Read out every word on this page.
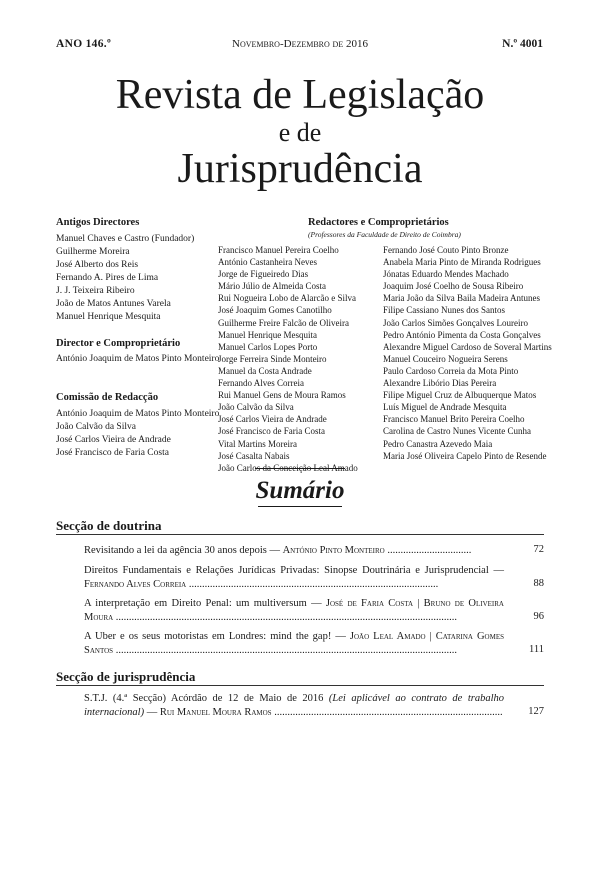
ANO 146.º	Novembro-Dezembro de 2016	N.º 4001
Revista de Legislação
e de
Jurisprudência
Antigos Directores
Manuel Chaves e Castro (Fundador)
Guilherme Moreira
José Alberto dos Reis
Fernando A. Pires de Lima
J. J. Teixeira Ribeiro
João de Matos Antunes Varela
Manuel Henrique Mesquita
Director e Comproprietário
António Joaquim de Matos Pinto Monteiro
Comissão de Redacção
António Joaquim de Matos Pinto Monteiro
João Calvão da Silva
José Carlos Vieira de Andrade
José Francisco de Faria Costa
Redactores e Comproprietários
(Professores da Faculdade de Direito de Coimbra)
Francisco Manuel Pereira Coelho
António Castanheira Neves
Jorge de Figueiredo Dias
Mário Júlio de Almeida Costa
Rui Nogueira Lobo de Alarcão e Silva
José Joaquim Gomes Canotilho
Guilherme Freire Falcão de Oliveira
Manuel Henrique Mesquita
Manuel Carlos Lopes Porto
Jorge Ferreira Sinde Monteiro
Manuel da Costa Andrade
Fernando Alves Correia
Rui Manuel Gens de Moura Ramos
João Calvão da Silva
José Carlos Vieira de Andrade
José Francisco de Faria Costa
Vital Martins Moreira
José Casalta Nabais
João Carlos da Conceição Leal Amado
Fernando José Couto Pinto Bronze
Anabela Maria Pinto de Miranda Rodrigues
Jónatas Eduardo Mendes Machado
Joaquim José Coelho de Sousa Ribeiro
Maria João da Silva Baila Madeira Antunes
Filipe Cassiano Nunes dos Santos
João Carlos Simões Gonçalves Loureiro
Pedro António Pimenta da Costa Gonçalves
Alexandre Miguel Cardoso de Soveral Martins
Manuel Couceiro Nogueira Serens
Paulo Cardoso Correia da Mota Pinto
Alexandre Libório Dias Pereira
Filipe Miguel Cruz de Albuquerque Matos
Luís Miguel de Andrade Mesquita
Francisco Manuel Brito Pereira Coelho
Carolina de Castro Nunes Vicente Cunha
Pedro Canastra Azevedo Maia
Maria José Oliveira Capelo Pinto de Resende
Sumário
Secção de doutrina
Revisitando a lei da agência 30 anos depois — António Pinto Monteiro ................................	72
Direitos Fundamentais e Relações Jurídicas Privadas: Sinopse Doutrinária e Jurisprudencial — Fernando Alves Correia ...............................................................................................	88
A interpretação em Direito Penal: um multiversum — José de Faria Costa | Bruno de Oliveira Moura ..................................................................................................................................	96
A Uber e os seus motoristas em Londres: mind the gap! — João Leal Amado | Catarina Gomes Santos ..................................................................................................................................	111
Secção de jurisprudência
S.T.J. (4.ª Secção) Acórdão de 12 de Maio de 2016 (Lei aplicável ao contrato de trabalho internacional) — Rui Manuel Moura Ramos ....................................................................................... 127
